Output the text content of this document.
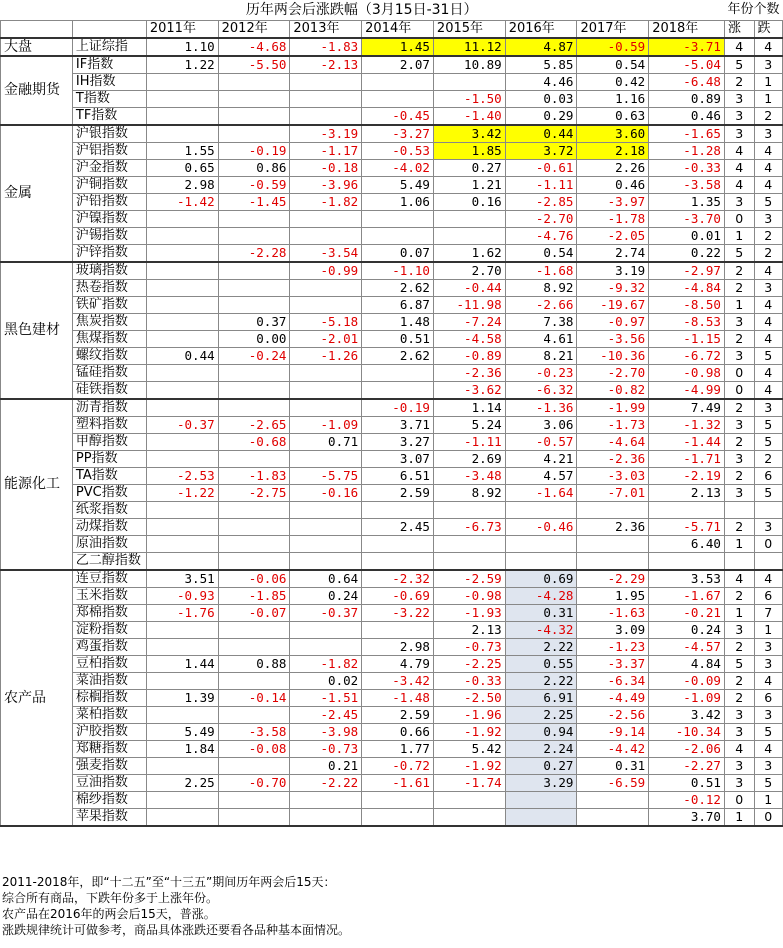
		历年两会后涨跌幅（3月15日-31日）								年份个数	
		2011年	2012年	2013年	2014年	2015年	2016年	2017年	2018年	涨	跌
大盘	上证综指	1.10	-4.68	-1.83	1.45	11.12	4.87	-0.59	-3.71	4	4
金融期货	IF指数	1.22	-5.50	-2.13	2.07	10.89	5.85	0.54	-5.04	5	3
	IH指数						4.46	0.42	-6.48	2	1
	T指数					-1.50	0.03	1.16	0.89	3	1
	TF指数				-0.45	-1.40	0.29	0.63	0.46	3	2
金属	沪银指数			-3.19	-3.27	3.42	0.44	3.60	-1.65	3	3
	沪铝指数	1.55	-0.19	-1.17	-0.53	1.85	3.72	2.18	-1.28	4	4
	沪金指数	0.65	0.86	-0.18	-4.02	0.27	-0.61	2.26	-0.33	4	4
	沪铜指数	2.98	-0.59	-3.96	5.49	1.21	-1.11	0.46	-3.58	4	4
	沪铅指数	-1.42	-1.45	-1.82	1.06	0.16	-2.85	-3.97	1.35	3	5
	沪镍指数						-2.70	-1.78	-3.70	0	3
	沪锡指数						-4.76	-2.05	0.01	1	2
	沪锌指数		-2.28	-3.54	0.07	1.62	0.54	2.74	0.22	5	2
黑色建材	玻璃指数			-0.99	-1.10	2.70	-1.68	3.19	-2.97	2	4
	热卷指数				2.62	-0.44	8.92	-9.32	-4.84	2	3
	铁矿指数				6.87	-11.98	-2.66	-19.67	-8.50	1	4
	焦炭指数		0.37	-5.18	1.48	-7.24	7.38	-0.97	-8.53	3	4
	焦煤指数		0.00	-2.01	0.51	-4.58	4.61	-3.56	-1.15	2	4
	螺纹指数	0.44	-0.24	-1.26	2.62	-0.89	8.21	-10.36	-6.72	3	5
	锰硅指数					-2.36	-0.23	-2.70	-0.98	0	4
	硅铁指数					-3.62	-6.32	-0.82	-4.99	0	4
能源化工	沥青指数				-0.19	1.14	-1.36	-1.99	7.49	2	3
	塑料指数	-0.37	-2.65	-1.09	3.71	5.24	3.06	-1.73	-1.32	3	5
	甲醇指数		-0.68	0.71	3.27	-1.11	-0.57	-4.64	-1.44	2	5
	PP指数				3.07	2.69	4.21	-2.36	-1.71	3	2
	TA指数	-2.53	-1.83	-5.75	6.51	-3.48	4.57	-3.03	-2.19	2	6
	PVC指数	-1.22	-2.75	-0.16	2.59	8.92	-1.64	-7.01	2.13	3	5
	纸浆指数										
	动煤指数				2.45	-6.73	-0.46	2.36	-5.71	2	3
	原油指数								6.40	1	0
	乙二醇指数										
农产品	连豆指数	3.51	-0.06	0.64	-2.32	-2.59	0.69	-2.29	3.53	4	4
	玉米指数	-0.93	-1.85	0.24	-0.69	-0.98	-4.28	1.95	-1.67	2	6
	郑棉指数	-1.76	-0.07	-0.37	-3.22	-1.93	0.31	-1.63	-0.21	1	7
	淀粉指数					2.13	-4.32	3.09	0.24	3	1
	鸡蛋指数				2.98	-0.73	2.22	-1.23	-4.57	2	3
	豆柏指数	1.44	0.88	-1.82	4.79	-2.25	0.55	-3.37	4.84	5	3
	菜油指数			0.02	-3.42	-0.33	2.22	-6.34	-0.09	2	4
	棕榈指数	1.39	-0.14	-1.51	-1.48	-2.50	6.91	-4.49	-1.09	2	6
	菜柏指数			-2.45	2.59	-1.96	2.25	-2.56	3.42	3	3
	沪胶指数	5.49	-3.58	-3.98	0.66	-1.92	0.94	-9.14	-10.34	3	5
	郑糖指数	1.84	-0.08	-0.73	1.77	5.42	2.24	-4.42	-2.06	4	4
	强麦指数			0.21	-0.72	-1.92	0.27	0.31	-2.27	3	3
	豆油指数	2.25	-0.70	-2.22	-1.61	-1.74	3.29	-6.59	0.51	3	5
	棉纱指数								-0.12	0	1
	苹果指数								3.70	1	0
2011-2018年，即“十二五”至“十三五”期间历年两会后15天：
综合所有商品，下跌年份多于上涨年份。
农产品在2016年的两会后15天，普涨。
涨跌规律统计可做参考，商品具体涨跌还要看各品种基本面情况。
